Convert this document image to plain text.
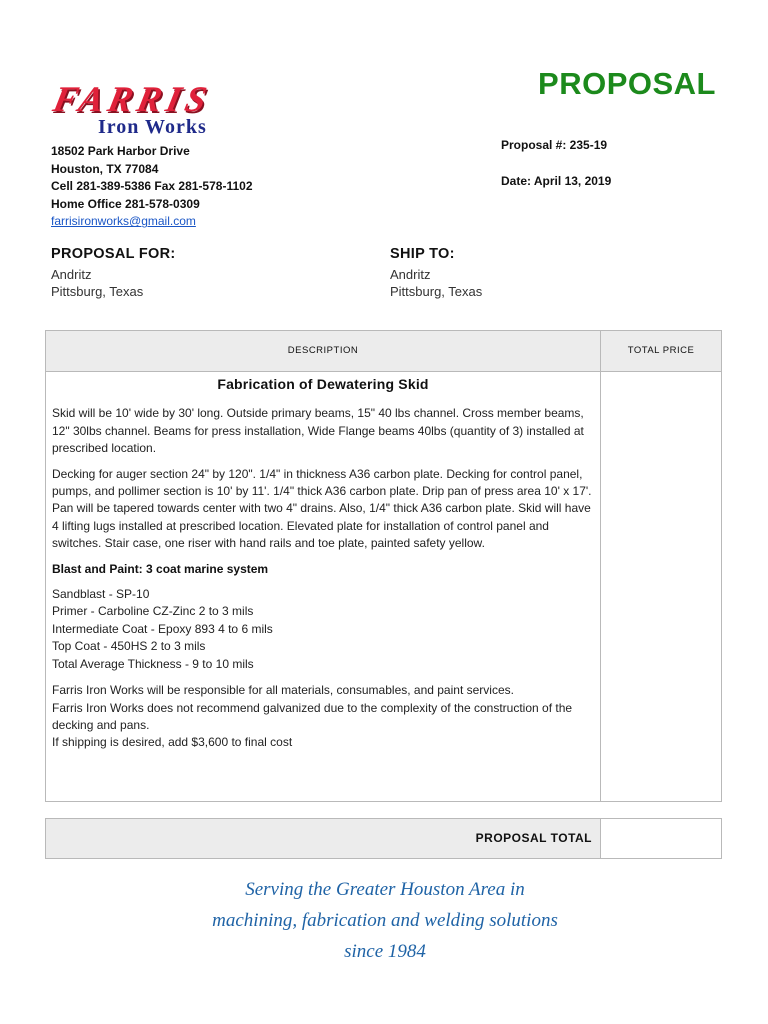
FARRIS
Iron Works
PROPOSAL
18502 Park Harbor Drive
Houston, TX 77084
Cell 281-389-5386 Fax 281-578-1102
Home Office 281-578-0309
farrisironworks@gmail.com
Proposal #: 235-19
Date: April 13, 2019
PROPOSAL FOR:
Andritz
Pittsburg, Texas
SHIP TO:
Andritz
Pittsburg, Texas
DESCRIPTION	TOTAL PRICE
Fabrication of Dewatering Skid

Skid will be 10' wide by 30' long. Outside primary beams, 15" 40 lbs channel. Cross member beams, 12" 30lbs channel. Beams for press installation, Wide Flange beams 40lbs (quantity of 3) installed at prescribed location.

Decking for auger section 24" by 120". 1/4" in thickness A36 carbon plate. Decking for control panel, pumps, and pollimer section is 10' by 11'. 1/4" thick A36 carbon plate. Drip pan of press area 10' x 17'. Pan will be tapered towards center with two 4" drains. Also, 1/4" thick A36 carbon plate. Skid will have 4 lifting lugs installed at prescribed location. Elevated plate for installation of control panel and switches. Stair case, one riser with hand rails and toe plate, painted safety yellow.

Blast and Paint: 3 coat marine system
Sandblast - SP-10
Primer - Carboline CZ-Zinc 2 to 3 mils
Intermediate Coat - Epoxy 893 4 to 6 mils
Top Coat - 450HS 2 to 3 mils
Total Average Thickness - 9 to 10 mils
Farris Iron Works will be responsible for all materials, consumables, and paint services.
Farris Iron Works does not recommend galvanized due to the complexity of the construction of the decking and pans.
If shipping is desired, add $3,600 to final cost
PROPOSAL TOTAL
Serving the Greater Houston Area in
machining, fabrication and welding solutions
since 1984
